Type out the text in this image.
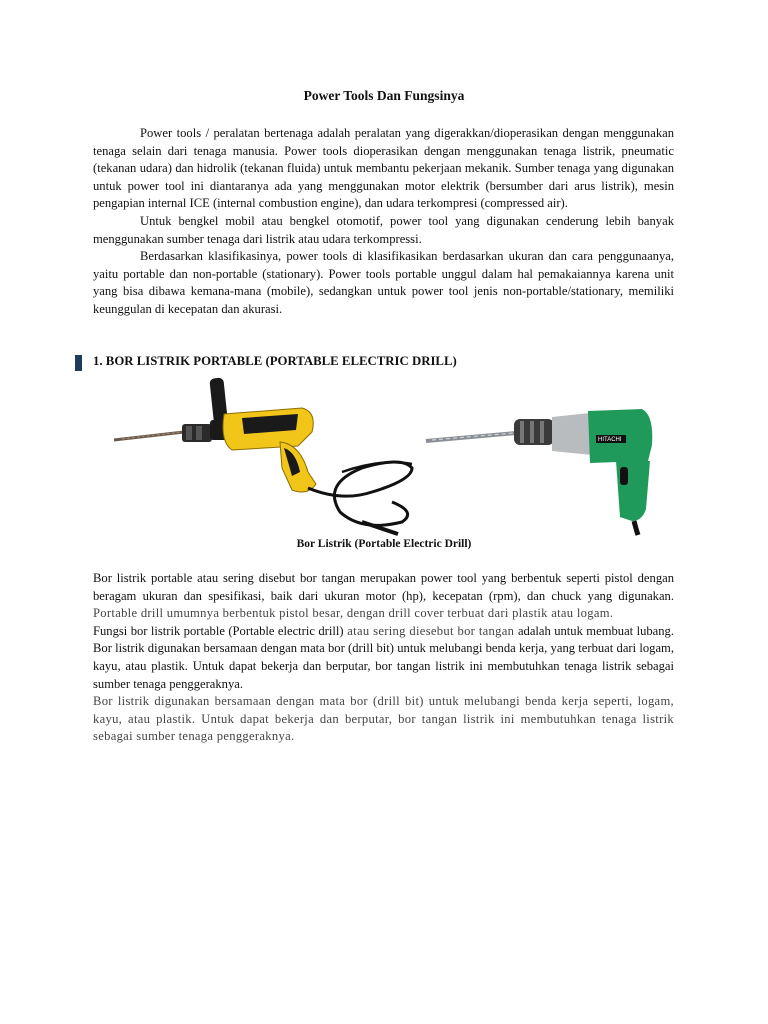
Power Tools Dan Fungsinya

Power tools / peralatan bertenaga adalah peralatan yang digerakkan/dioperasikan dengan menggunakan tenaga selain dari tenaga manusia. Power tools dioperasikan dengan menggunakan tenaga listrik, pneumatic (tekanan udara) dan hidrolik (tekanan fluida) untuk membantu pekerjaan mekanik. Sumber tenaga yang digunakan untuk power tool ini diantaranya ada yang menggunakan motor elektrik (bersumber dari arus listrik), mesin pengapian internal ICE (internal combustion engine), dan udara terkompresi (compressed air).

Untuk bengkel mobil atau bengkel otomotif, power tool yang digunakan cenderung lebih banyak menggunakan sumber tenaga dari listrik atau udara terkompressi.

Berdasarkan klasifikasinya, power tools di klasifikasikan berdasarkan ukuran dan cara penggunaanya, yaitu portable dan non-portable (stationary). Power tools portable unggul dalam hal pemakaiannya karena unit yang bisa dibawa kemana-mana (mobile), sedangkan untuk power tool jenis non-portable/stationary, memiliki keunggulan di kecepatan dan akurasi.

1. BOR LISTRIK PORTABLE (PORTABLE ELECTRIC DRILL)
HITACHI
Bor Listrik (Portable Electric Drill)

Bor listrik portable atau sering disebut bor tangan merupakan power tool yang berbentuk seperti pistol dengan beragam ukuran dan spesifikasi, baik dari ukuran motor (hp), kecepatan (rpm), dan chuck yang digunakan. Portable drill umumnya berbentuk pistol besar, dengan drill cover terbuat dari plastik atau logam.

Fungsi bor listrik portable (Portable electric drill) atau sering diesebut bor tangan adalah untuk membuat lubang. Bor listrik digunakan bersamaan dengan mata bor (drill bit) untuk melubangi benda kerja, yang terbuat dari logam, kayu, atau plastik. Untuk dapat bekerja dan berputar, bor tangan listrik ini membutuhkan tenaga listrik sebagai sumber tenaga penggeraknya.

Bor listrik digunakan bersamaan dengan mata bor (drill bit) untuk melubangi benda kerja seperti, logam, kayu, atau plastik. Untuk dapat bekerja dan berputar, bor tangan listrik ini membutuhkan tenaga listrik sebagai sumber tenaga penggeraknya.
